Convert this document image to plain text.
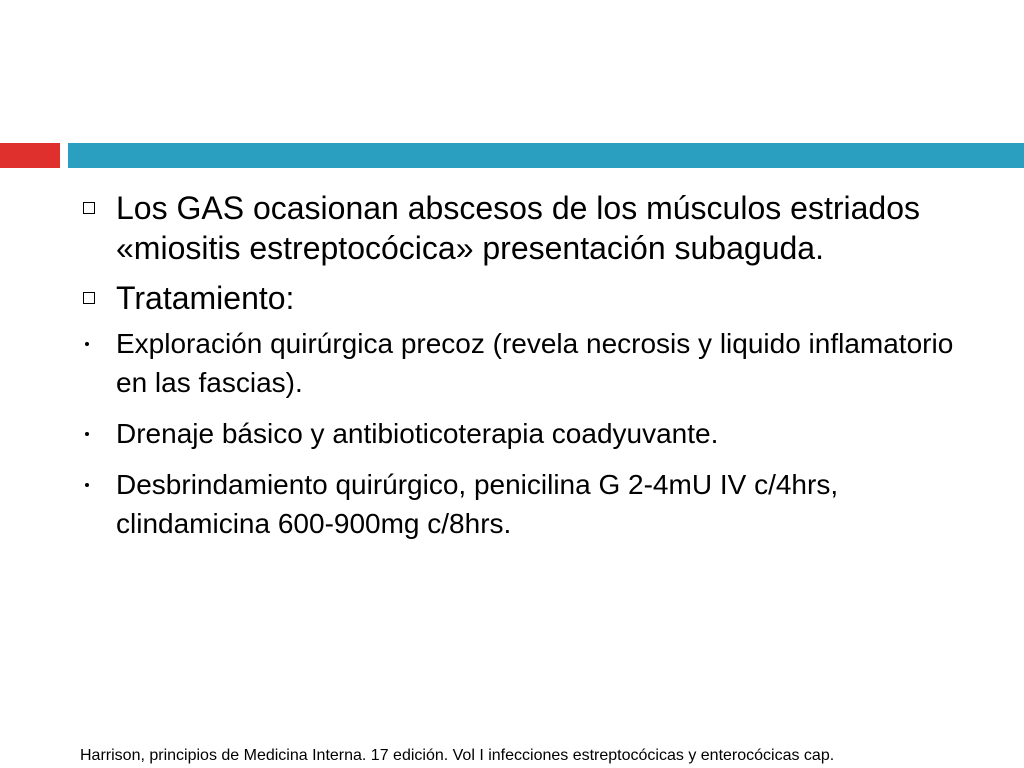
Los GAS ocasionan abscesos de los músculos estriados «miositis estreptocócica» presentación subaguda.
Tratamiento:
Exploración quirúrgica precoz (revela necrosis y liquido inflamatorio en las fascias).
Drenaje básico y antibioticoterapia coadyuvante.
Desbrindamiento quirúrgico, penicilina G 2-4mU IV c/4hrs, clindamicina 600-900mg c/8hrs.
Harrison, principios de Medicina Interna. 17 edición. Vol I infecciones estreptocócicas y enterocócicas cap.
